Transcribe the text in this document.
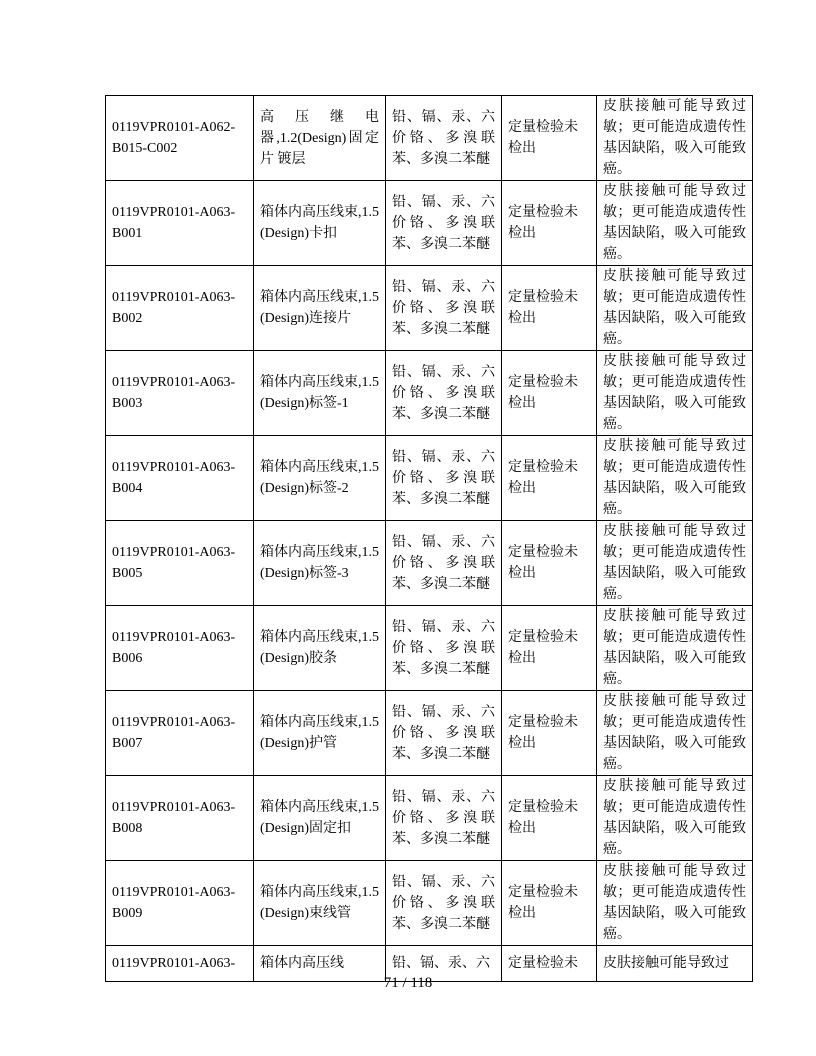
0119VPR0101-A062-B015-C002	高压继电器,1.2(Design)固定片 镀层	铅、镉、汞、六价铬、多溴联苯、多溴二苯醚	定量检验未检出	皮肤接触可能导致过敏；更可能造成遗传性基因缺陷，吸入可能致癌。
0119VPR0101-A063-B001	箱体内高压线束,1.5 (Design)卡扣	铅、镉、汞、六价铬、多溴联苯、多溴二苯醚	定量检验未检出	皮肤接触可能导致过敏；更可能造成遗传性基因缺陷，吸入可能致癌。
0119VPR0101-A063-B002	箱体内高压线束,1.5 (Design)连接片	铅、镉、汞、六价铬、多溴联苯、多溴二苯醚	定量检验未检出	皮肤接触可能导致过敏；更可能造成遗传性基因缺陷，吸入可能致癌。
0119VPR0101-A063-B003	箱体内高压线束,1.5 (Design)标签-1	铅、镉、汞、六价铬、多溴联苯、多溴二苯醚	定量检验未检出	皮肤接触可能导致过敏；更可能造成遗传性基因缺陷，吸入可能致癌。
0119VPR0101-A063-B004	箱体内高压线束,1.5 (Design)标签-2	铅、镉、汞、六价铬、多溴联苯、多溴二苯醚	定量检验未检出	皮肤接触可能导致过敏；更可能造成遗传性基因缺陷，吸入可能致癌。
0119VPR0101-A063-B005	箱体内高压线束,1.5 (Design)标签-3	铅、镉、汞、六价铬、多溴联苯、多溴二苯醚	定量检验未检出	皮肤接触可能导致过敏；更可能造成遗传性基因缺陷，吸入可能致癌。
0119VPR0101-A063-B006	箱体内高压线束,1.5 (Design)胶条	铅、镉、汞、六价铬、多溴联苯、多溴二苯醚	定量检验未检出	皮肤接触可能导致过敏；更可能造成遗传性基因缺陷，吸入可能致癌。
0119VPR0101-A063-B007	箱体内高压线束,1.5 (Design)护管	铅、镉、汞、六价铬、多溴联苯、多溴二苯醚	定量检验未检出	皮肤接触可能导致过敏；更可能造成遗传性基因缺陷，吸入可能致癌。
0119VPR0101-A063-B008	箱体内高压线束,1.5 (Design)固定扣	铅、镉、汞、六价铬、多溴联苯、多溴二苯醚	定量检验未检出	皮肤接触可能导致过敏；更可能造成遗传性基因缺陷，吸入可能致癌。
0119VPR0101-A063-B009	箱体内高压线束,1.5 (Design)束线管	铅、镉、汞、六价铬、多溴联苯、多溴二苯醚	定量检验未检出	皮肤接触可能导致过敏；更可能造成遗传性基因缺陷，吸入可能致癌。
0119VPR0101-A063-	箱体内高压线	铅、镉、汞、六	定量检验未	皮肤接触可能导致过
71 / 118
